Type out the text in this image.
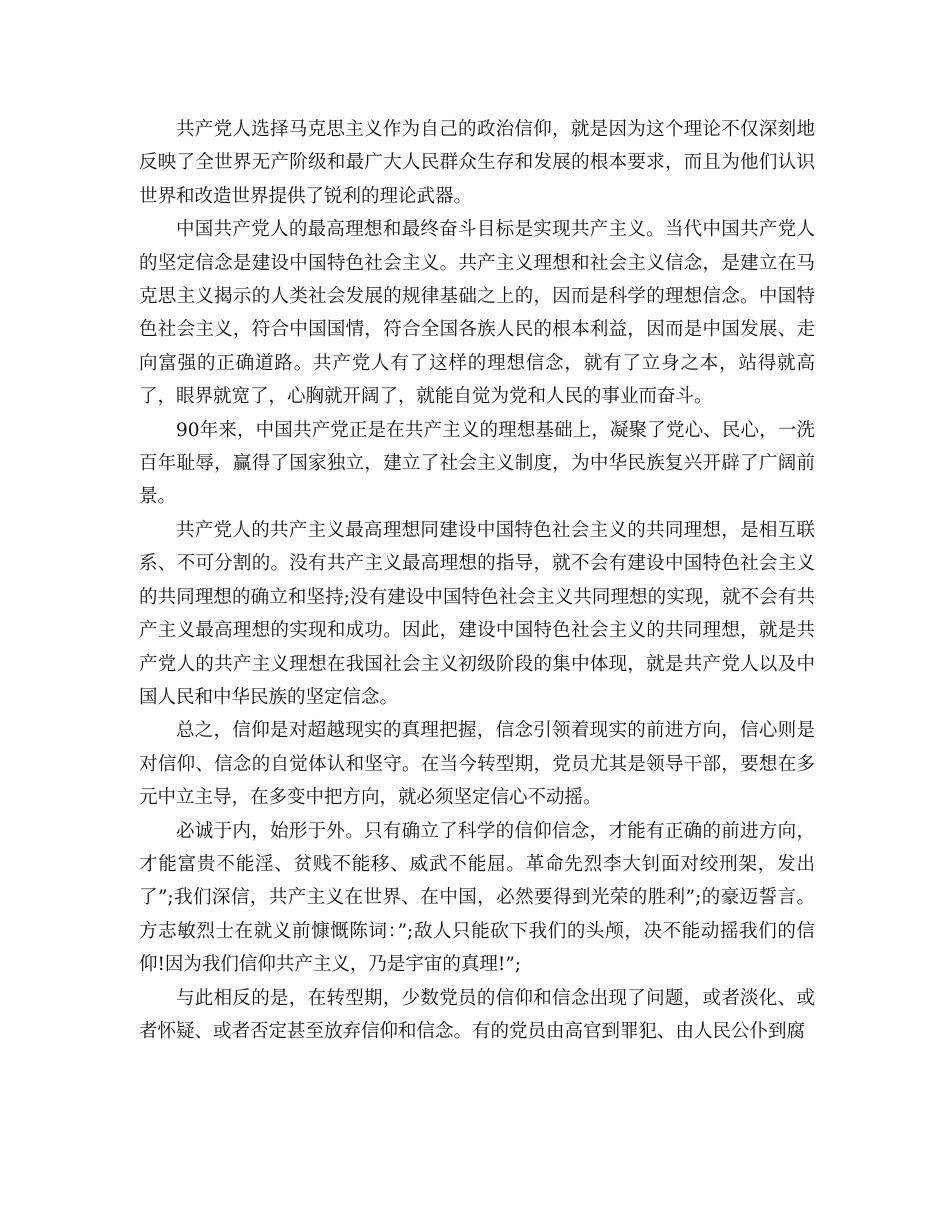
共产党人选择马克思主义作为自己的政治信仰，就是因为这个理论不仅深刻地反映了全世界无产阶级和最广大人民群众生存和发展的根本要求，而且为他们认识世界和改造世界提供了锐利的理论武器。

中国共产党人的最高理想和最终奋斗目标是实现共产主义。当代中国共产党人的坚定信念是建设中国特色社会主义。共产主义理想和社会主义信念，是建立在马克思主义揭示的人类社会发展的规律基础之上的，因而是科学的理想信念。中国特色社会主义，符合中国国情，符合全国各族人民的根本利益，因而是中国发展、走向富强的正确道路。共产党人有了这样的理想信念，就有了立身之本，站得就高了，眼界就宽了，心胸就开阔了，就能自觉为党和人民的事业而奋斗。

90年来，中国共产党正是在共产主义的理想基础上，凝聚了党心、民心，一洗百年耻辱，赢得了国家独立，建立了社会主义制度，为中华民族复兴开辟了广阔前景。

共产党人的共产主义最高理想同建设中国特色社会主义的共同理想，是相互联系、不可分割的。没有共产主义最高理想的指导，就不会有建设中国特色社会主义的共同理想的确立和坚持;没有建设中国特色社会主义共同理想的实现，就不会有共产主义最高理想的实现和成功。因此，建设中国特色社会主义的共同理想，就是共产党人的共产主义理想在我国社会主义初级阶段的集中体现，就是共产党人以及中国人民和中华民族的坚定信念。

总之，信仰是对超越现实的真理把握，信念引领着现实的前进方向，信心则是对信仰、信念的自觉体认和坚守。在当今转型期，党员尤其是领导干部，要想在多元中立主导，在多变中把方向，就必须坚定信心不动摇。

必诚于内，始形于外。只有确立了科学的信仰信念，才能有正确的前进方向，才能富贵不能淫、贫贱不能移、威武不能屈。革命先烈李大钊面对绞刑架，发出了”;我们深信，共产主义在世界、在中国，必然要得到光荣的胜利”;的豪迈誓言。方志敏烈士在就义前慷慨陈词：”;敌人只能砍下我们的头颅，决不能动摇我们的信仰!因为我们信仰共产主义，乃是宇宙的真理!”;

与此相反的是，在转型期，少数党员的信仰和信念出现了问题，或者淡化、或者怀疑、或者否定甚至放弃信仰和信念。有的党员由高官到罪犯、由人民公仆到腐
